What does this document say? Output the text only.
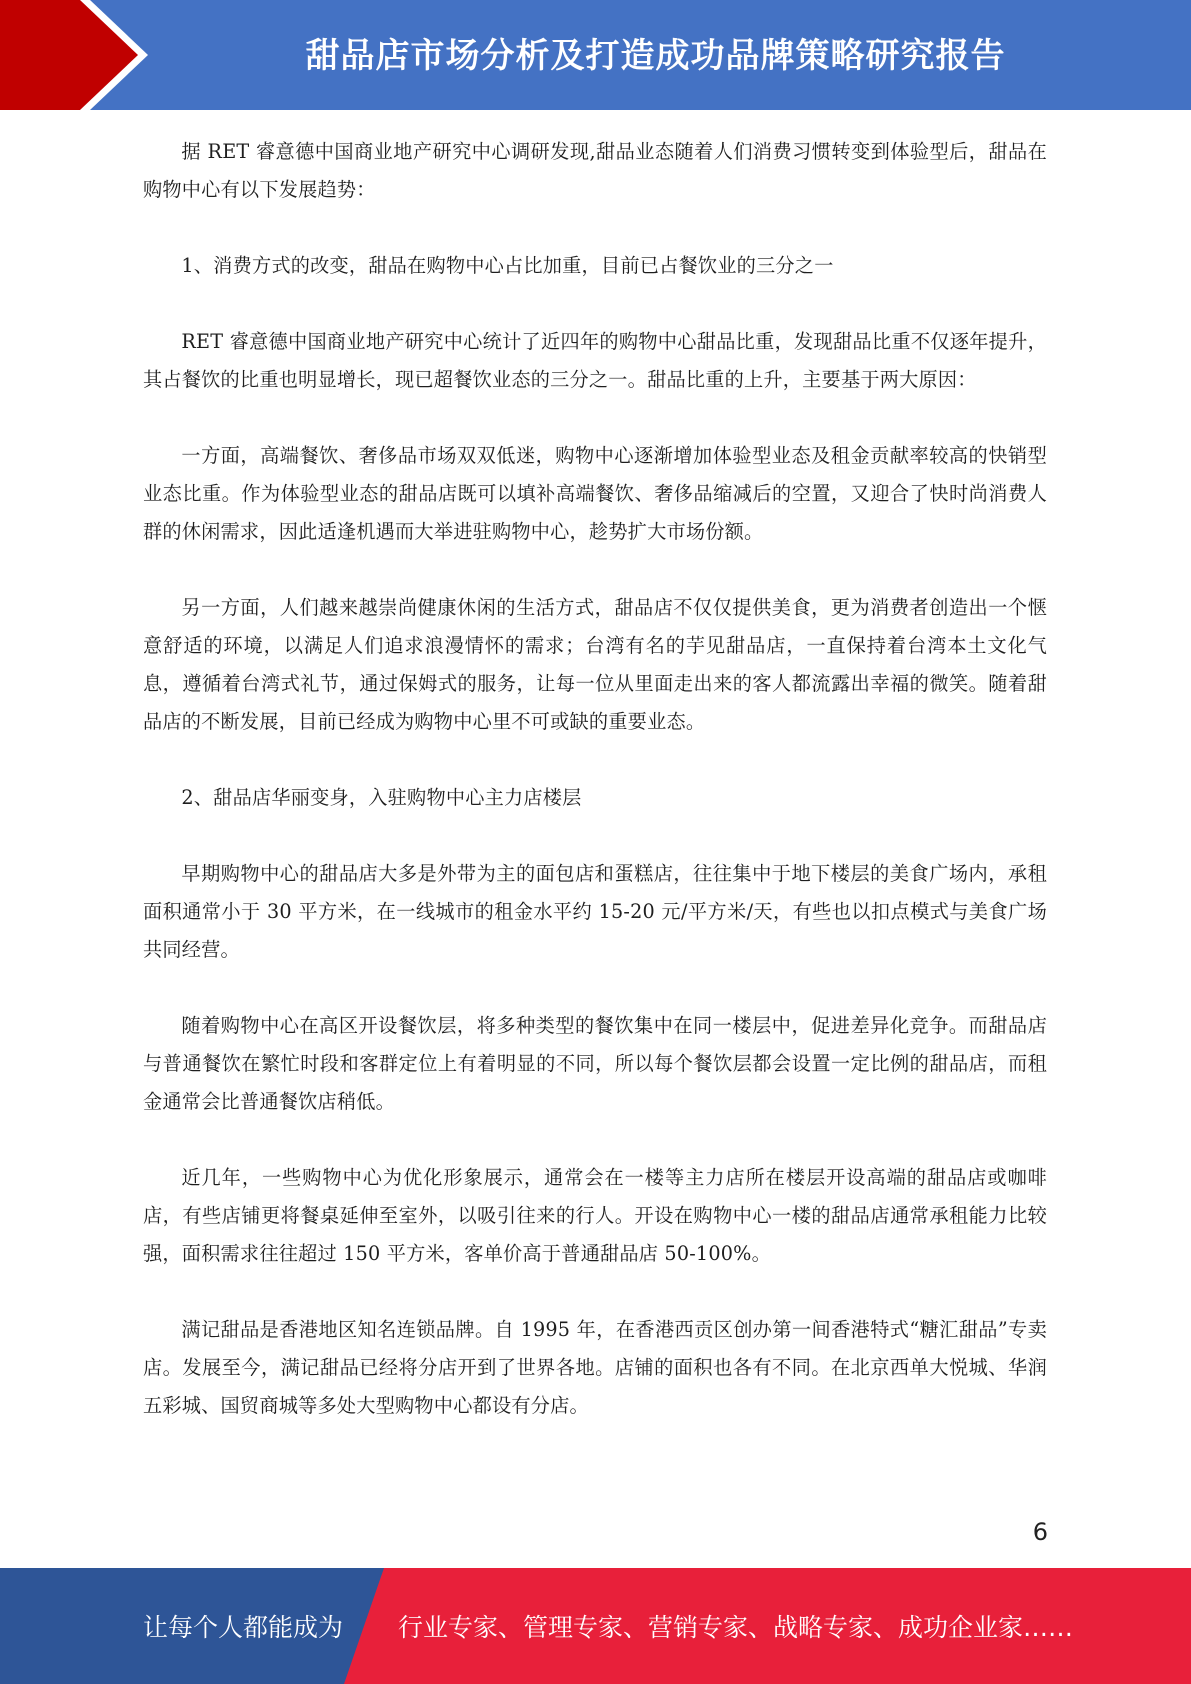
甜品店市场分析及打造成功品牌策略研究报告

据 RET 睿意德中国商业地产研究中心调研发现,甜品业态随着人们消费习惯转变到体验型后，甜品在购物中心有以下发展趋势：

1、消费方式的改变，甜品在购物中心占比加重，目前已占餐饮业的三分之一

RET 睿意德中国商业地产研究中心统计了近四年的购物中心甜品比重，发现甜品比重不仅逐年提升，其占餐饮的比重也明显增长，现已超餐饮业态的三分之一。甜品比重的上升，主要基于两大原因：

一方面，高端餐饮、奢侈品市场双双低迷，购物中心逐渐增加体验型业态及租金贡献率较高的快销型业态比重。作为体验型业态的甜品店既可以填补高端餐饮、奢侈品缩减后的空置，又迎合了快时尚消费人群的休闲需求，因此适逢机遇而大举进驻购物中心，趁势扩大市场份额。

另一方面，人们越来越崇尚健康休闲的生活方式，甜品店不仅仅提供美食，更为消费者创造出一个惬意舒适的环境，以满足人们追求浪漫情怀的需求；台湾有名的芋见甜品店，一直保持着台湾本土文化气息，遵循着台湾式礼节，通过保姆式的服务，让每一位从里面走出来的客人都流露出幸福的微笑。随着甜品店的不断发展，目前已经成为购物中心里不可或缺的重要业态。

2、甜品店华丽变身，入驻购物中心主力店楼层

早期购物中心的甜品店大多是外带为主的面包店和蛋糕店，往往集中于地下楼层的美食广场内，承租面积通常小于 30 平方米，在一线城市的租金水平约 15-20 元/平方米/天，有些也以扣点模式与美食广场共同经营。

随着购物中心在高区开设餐饮层，将多种类型的餐饮集中在同一楼层中，促进差异化竞争。而甜品店与普通餐饮在繁忙时段和客群定位上有着明显的不同，所以每个餐饮层都会设置一定比例的甜品店，而租金通常会比普通餐饮店稍低。

近几年，一些购物中心为优化形象展示，通常会在一楼等主力店所在楼层开设高端的甜品店或咖啡店，有些店铺更将餐桌延伸至室外，以吸引往来的行人。开设在购物中心一楼的甜品店通常承租能力比较强，面积需求往往超过 150 平方米，客单价高于普通甜品店 50-100%。

满记甜品是香港地区知名连锁品牌。自 1995 年，在香港西贡区创办第一间香港特式“糖汇甜品”专卖店。发展至今，满记甜品已经将分店开到了世界各地。店铺的面积也各有不同。在北京西单大悦城、华润五彩城、国贸商城等多处大型购物中心都设有分店。

6
让每个人都能成为 行业专家、管理专家、营销专家、战略专家、成功企业家……
